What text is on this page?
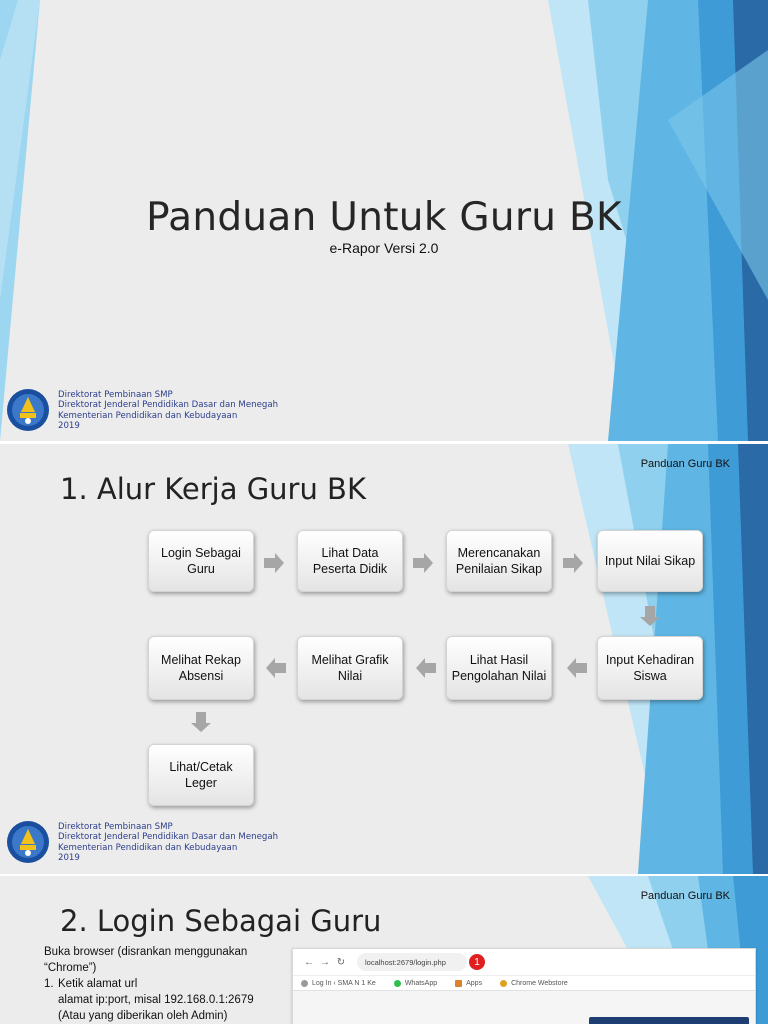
Panduan Untuk Guru BK
e-Rapor Versi 2.0
Direktorat Pembinaan SMP
Direktorat Jenderal Pendidikan Dasar dan Menegah
Kementerian Pendidikan dan Kebudayaan
2019
Panduan Guru BK
1. Alur Kerja Guru BK
Login Sebagai Guru
Lihat Data Peserta Didik
Merencanakan Penilaian Sikap
Input Nilai Sikap
Input Kehadiran Siswa
Lihat Hasil Pengolahan Nilai
Melihat Grafik Nilai
Melihat Rekap Absensi
Lihat/Cetak Leger
Direktorat Pembinaan SMP
Direktorat Jenderal Pendidikan Dasar dan Menegah
Kementerian Pendidikan dan Kebudayaan
2019
Panduan Guru BK
2. Login Sebagai Guru
Buka browser (disrankan menggunakan “Chrome”)
1. Ketik alamat url
alamat ip:port, misal 192.168.0.1:2679
(Atau yang diberikan oleh Admin)
← → ↻	localhost:2679/login.php	1
Log In ‹ SMA N 1 Ke	WhatsApp	Apps	Chrome Webstore
